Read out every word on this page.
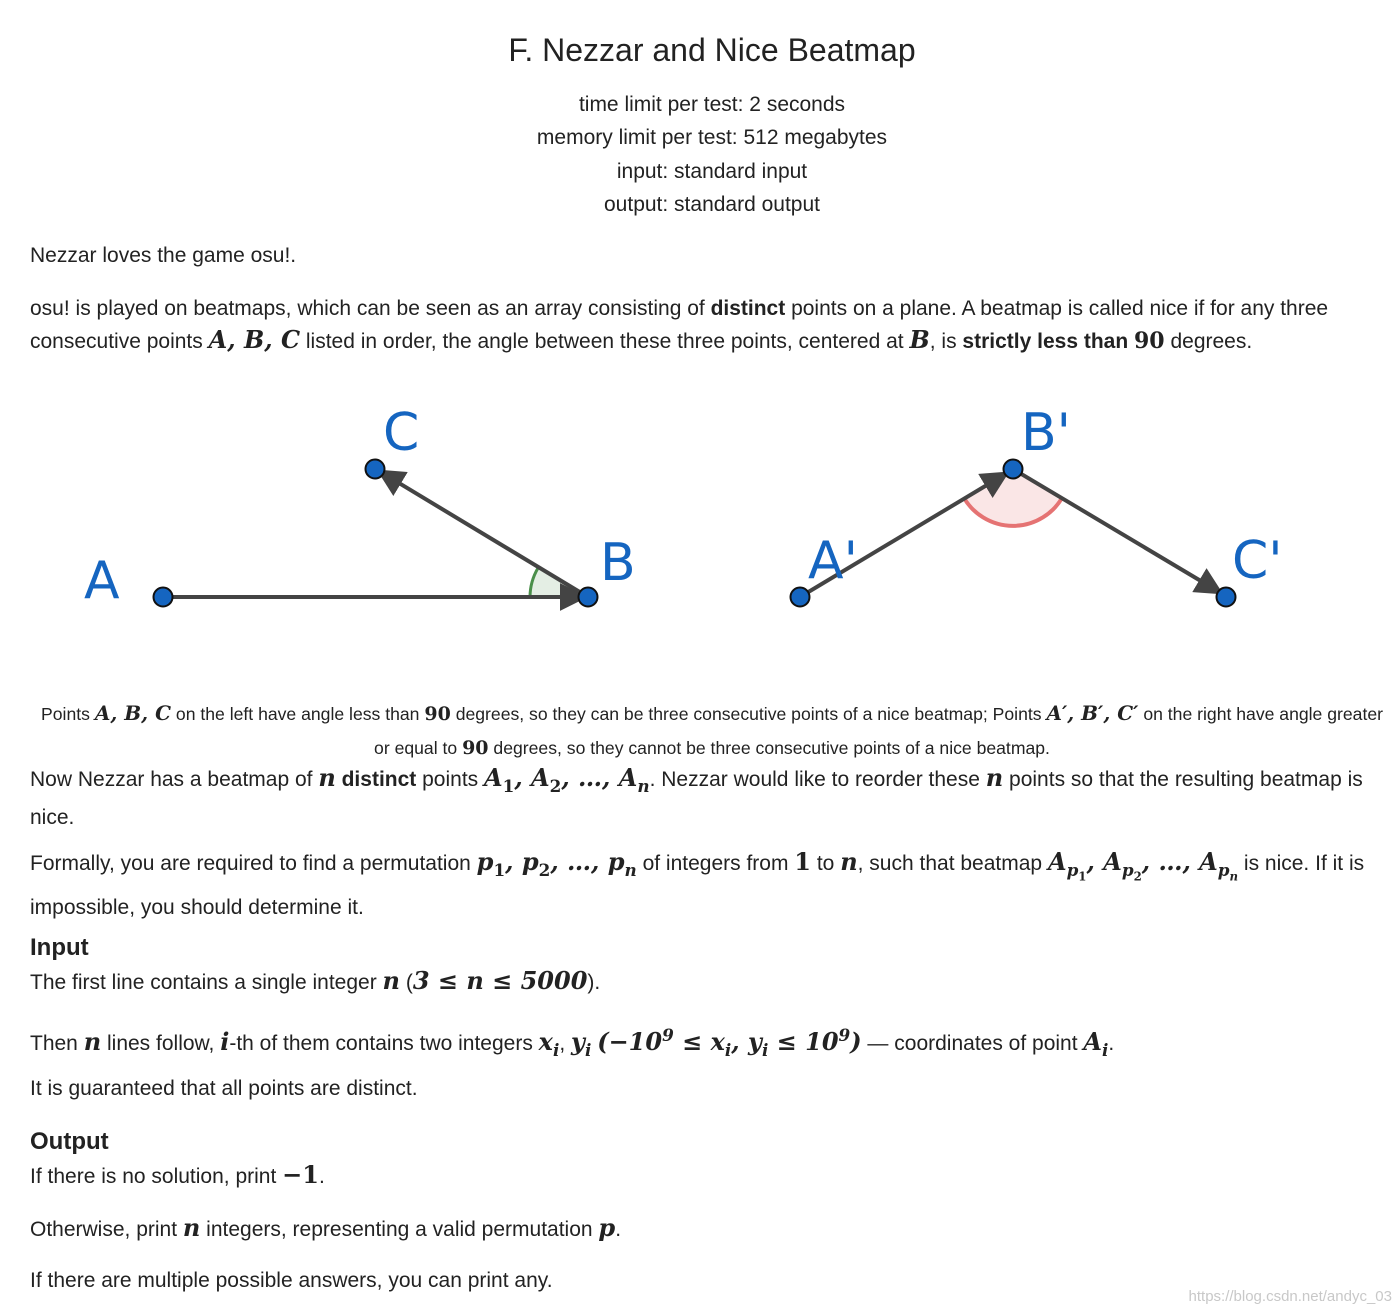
F. Nezzar and Nice Beatmap
time limit per test: 2 seconds
memory limit per test: 512 megabytes
input: standard input
output: standard output

Nezzar loves the game osu!.

osu! is played on beatmaps, which can be seen as an array consisting of distinct points on a plane. A beatmap is called nice if for any three consecutive points A, B, C listed in order, the angle between these three points, centered at B, is strictly less than 90 degrees.

A	B
C
A'
B'
C'
Points A, B, C on the left have angle less than 90 degrees, so they can be three consecutive points of a nice beatmap; Points A′, B′, C′ on the right have angle greater or equal to 90 degrees, so they cannot be three consecutive points of a nice beatmap.

Now Nezzar has a beatmap of n distinct points $A_1$, $A_2$, …, $A_n$. Nezzar would like to reorder these n points so that the resulting beatmap is nice.

Formally, you are required to find a permutation $p_1$, $p_2$, …, $p_n$ of integers from 1 to n, such that beatmap $A_{p_1}$, $A_{p_2}$, …, $A_{p_n}$ is nice. If it is impossible, you should determine it.

Input

The first line contains a single integer n (3 ≤ n ≤ 5000).

Then n lines follow, i-th of them contains two integers $x_i$, $y_i$ ($-10^9 \le x_i$, $y_i \le 10^9$) — coordinates of point $A_i$.

It is guaranteed that all points are distinct.

Output

If there is no solution, print −1.

Otherwise, print n integers, representing a valid permutation p.

If there are multiple possible answers, you can print any.

https://blog.csdn.net/andyc_03
